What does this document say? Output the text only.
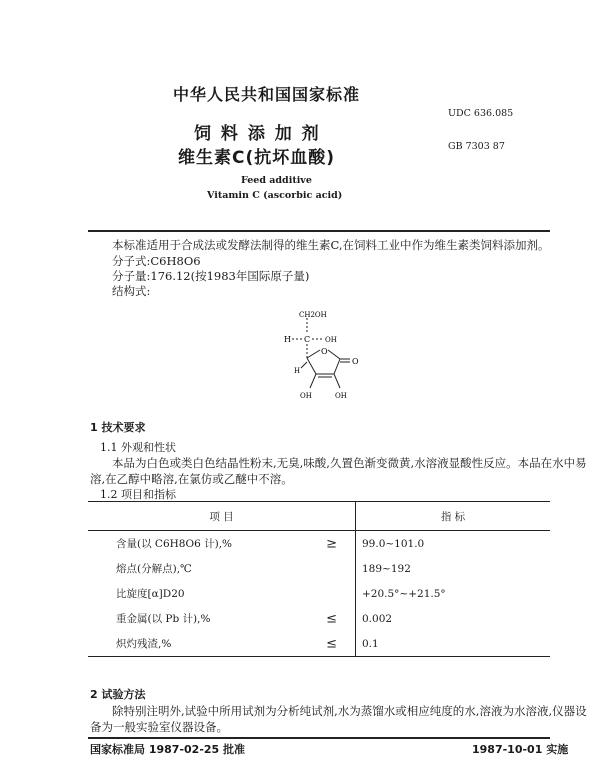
中华人民共和国国家标准
UDC 636.085
GB 7303 87
饲 料 添 加 剂
维生素C(抗坏血酸)
Feed additive
Vitamin C (ascorbic acid)
本标准适用于合成法或发酵法制得的维生素C,在饲料工业中作为维生素类饲料添加剂。
分子式:C6H8O6
分子量:176.12(按1983年国际原子量)
结构式:
CH2OH
H C OH
O
O
H
OH	OH
1 技术要求
1.1 外观和性状
本品为白色或类白色结晶性粉末,无臭,味酸,久置色渐变微黄,水溶液显酸性反应。本品在水中易
溶,在乙醇中略溶,在氯仿或乙醚中不溶。
1.2 项目和指标
项 目	指 标
含量(以 C6H8O6 计),% ≥	99.0~101.0
熔点(分解点),℃	189~192
比旋度[α]D20	+20.5°~+21.5°
重金属(以 Pb 计),% ≤	0.002
炽灼残渣,% ≤	0.1
2 试验方法
除特别注明外,试验中所用试剂为分析纯试剂,水为蒸馏水或相应纯度的水,溶液为水溶液,仪器设
备为一般实验室仪器设备。
国家标准局 1987-02-25 批准	1987-10-01 实施
